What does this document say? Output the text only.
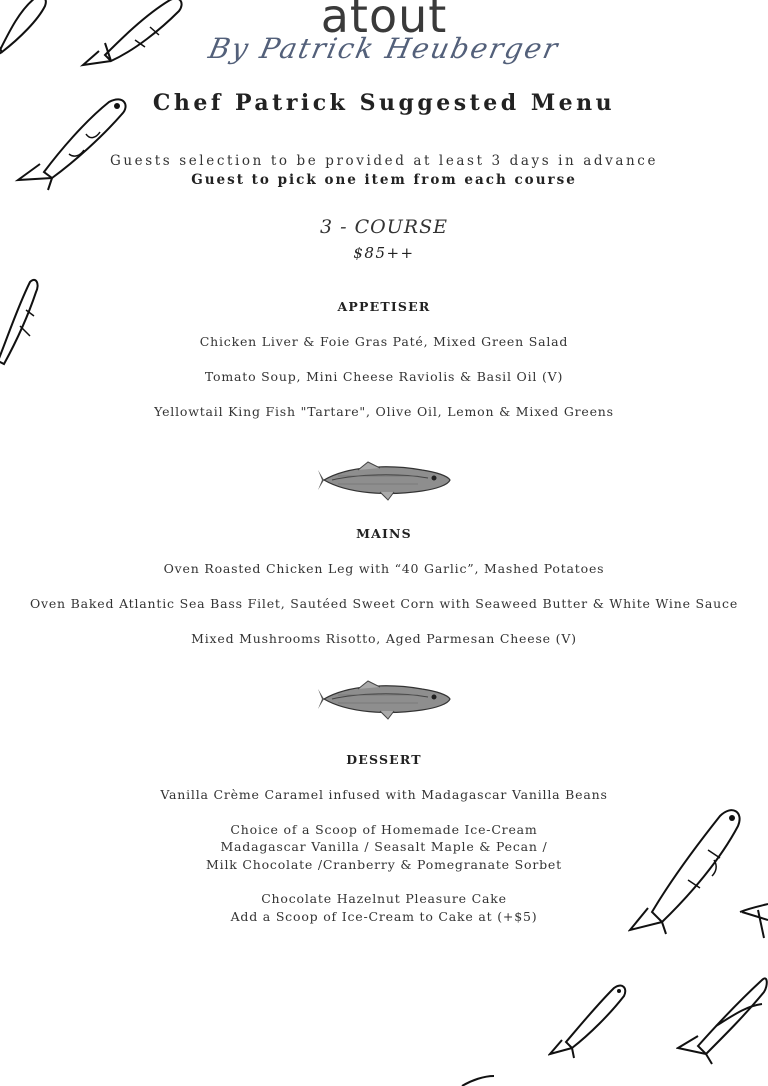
atout
By Patrick Heuberger
Chef Patrick Suggested Menu
Guests selection to be provided at least 3 days in advance
Guest to pick one item from each course
3 - COURSE
$85++
APPETISER
Chicken Liver & Foie Gras Paté, Mixed Green Salad
Tomato Soup, Mini Cheese Raviolis & Basil Oil (V)
Yellowtail King Fish "Tartare", Olive Oil, Lemon & Mixed Greens
MAINS
Oven Roasted Chicken Leg with “40 Garlic”, Mashed Potatoes
Oven Baked Atlantic Sea Bass Filet, Sautéed Sweet Corn with Seaweed Butter & White Wine Sauce
Mixed Mushrooms Risotto, Aged Parmesan Cheese (V)
DESSERT
Vanilla Crème Caramel infused with Madagascar Vanilla Beans
Choice of a Scoop of Homemade Ice-Cream
Madagascar Vanilla / Seasalt Maple & Pecan /
Milk Chocolate /Cranberry & Pomegranate Sorbet
Chocolate Hazelnut Pleasure Cake
Add a Scoop of Ice-Cream to Cake at (+$5)
